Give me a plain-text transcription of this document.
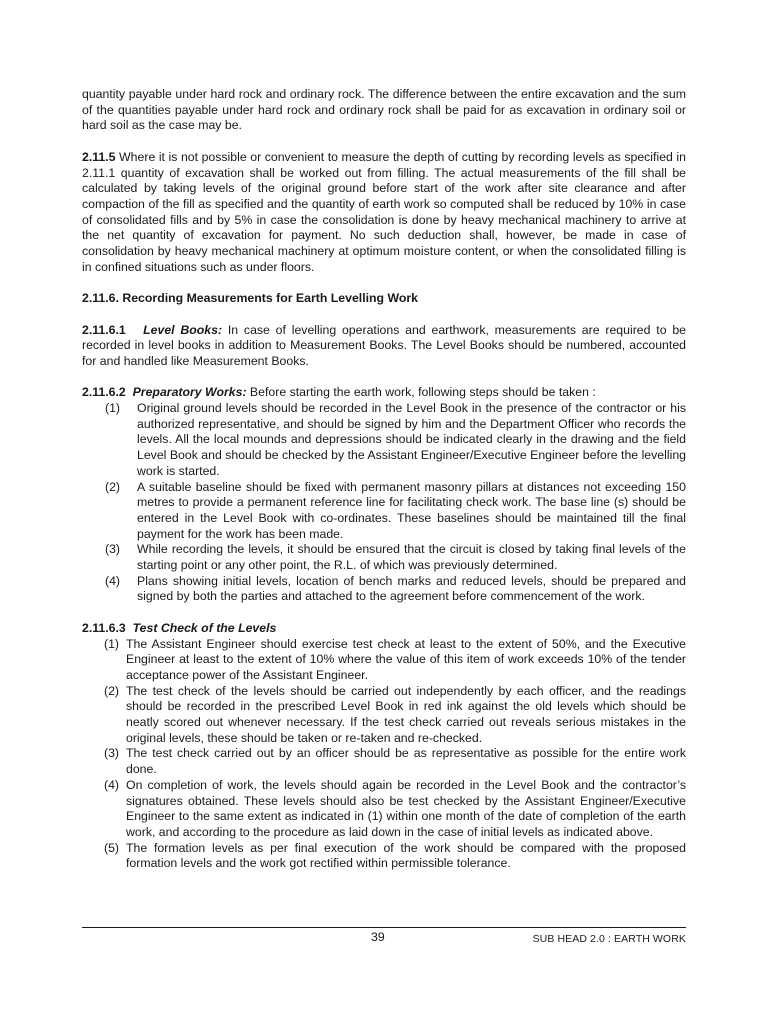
quantity payable under hard rock and ordinary rock. The difference between the entire excavation and the sum of the quantities payable under hard rock and ordinary rock shall be paid for as excavation in ordinary soil or hard soil as the case may be.

2.11.5 Where it is not possible or convenient to measure the depth of cutting by recording levels as specified in 2.11.1 quantity of excavation shall be worked out from filling. The actual measurements of the fill shall be calculated by taking levels of the original ground before start of the work after site clearance and after compaction of the fill as specified and the quantity of earth work so computed shall be reduced by 10% in case of consolidated fills and by 5% in case the consolidation is done by heavy mechanical machinery to arrive at the net quantity of excavation for payment. No such deduction shall, however, be made in case of consolidation by heavy mechanical machinery at optimum moisture content, or when the consolidated filling is in confined situations such as under floors.

2.11.6. Recording Measurements for Earth Levelling Work

2.11.6.1 Level Books: In case of levelling operations and earthwork, measurements are required to be recorded in level books in addition to Measurement Books. The Level Books should be numbered, accounted for and handled like Measurement Books.

2.11.6.2 Preparatory Works: Before starting the earth work, following steps should be taken :

(1) Original ground levels should be recorded in the Level Book in the presence of the contractor or his authorized representative, and should be signed by him and the Department Officer who records the levels. All the local mounds and depressions should be indicated clearly in the drawing and the field Level Book and should be checked by the Assistant Engineer/Executive Engineer before the levelling work is started.
(2) A suitable baseline should be fixed with permanent masonry pillars at distances not exceeding 150 metres to provide a permanent reference line for facilitating check work. The base line (s) should be entered in the Level Book with co-ordinates. These baselines should be maintained till the final payment for the work has been made.
(3) While recording the levels, it should be ensured that the circuit is closed by taking final levels of the starting point or any other point, the R.L. of which was previously determined.
(4) Plans showing initial levels, location of bench marks and reduced levels, should be prepared and signed by both the parties and attached to the agreement before commencement of the work.

2.11.6.3 Test Check of the Levels

(1) The Assistant Engineer should exercise test check at least to the extent of 50%, and the Executive Engineer at least to the extent of 10% where the value of this item of work exceeds 10% of the tender acceptance power of the Assistant Engineer.
(2) The test check of the levels should be carried out independently by each officer, and the readings should be recorded in the prescribed Level Book in red ink against the old levels which should be neatly scored out whenever necessary. If the test check carried out reveals serious mistakes in the original levels, these should be taken or re-taken and re-checked.
(3) The test check carried out by an officer should be as representative as possible for the entire work done.
(4) On completion of work, the levels should again be recorded in the Level Book and the contractor’s signatures obtained. These levels should also be test checked by the Assistant Engineer/Executive Engineer to the same extent as indicated in (1) within one month of the date of completion of the earth work, and according to the procedure as laid down in the case of initial levels as indicated above.
(5) The formation levels as per final execution of the work should be compared with the proposed formation levels and the work got rectified within permissible tolerance.
39	SUB HEAD 2.0 : EARTH WORK
